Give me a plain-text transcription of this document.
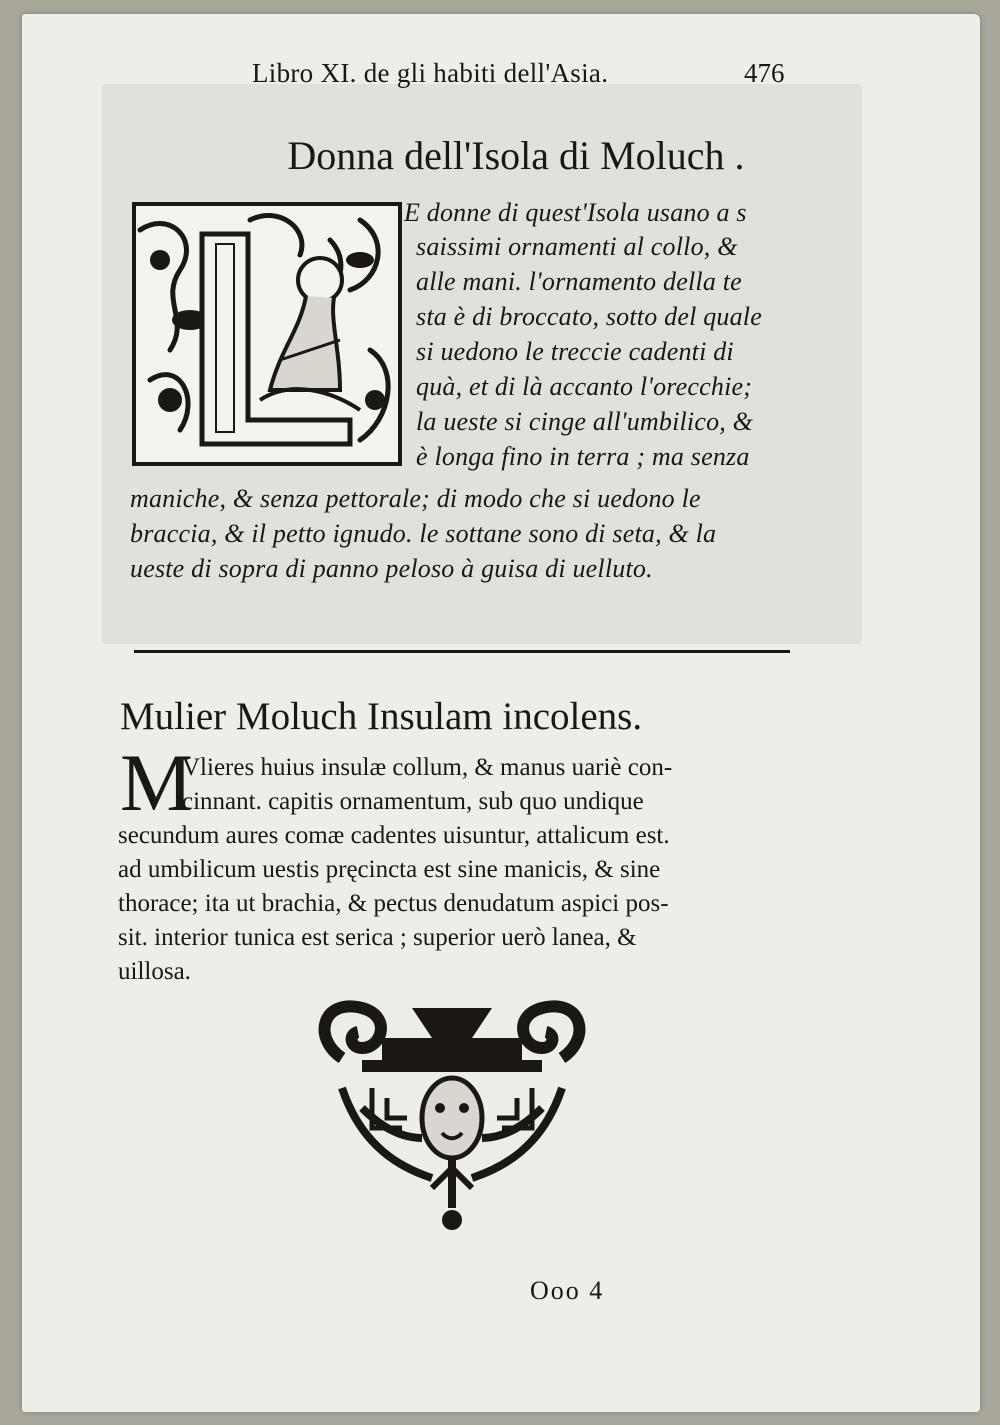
Libro XI. de gli habiti dell'Asia.	476
Donna dell'Isola di Moluch .
E donne di quest'Isola usano a s
saissimi ornamenti al collo, &
alle mani. l'ornamento della te
sta è di broccato, sotto del quale
si uedono le treccie cadenti di
quà, et di là accanto l'orecchie;
la ueste si cinge all'umbilico, &
è longa fino in terra ; ma senza
maniche, & senza pettorale; di modo che si uedono le
braccia, & il petto ignudo. le sottane sono di seta, & la
ueste di sopra di panno peloso à guisa di uelluto.
Mulier Moluch Insulam incolens.
M
Vlieres huius insulæ collum, & manus uariè con-
cinnant. capitis ornamentum, sub quo undique
secundum aures comæ cadentes uisuntur, attalicum est.
ad umbilicum uestis pręcincta est sine manicis, & sine
thorace; ita ut brachia, & pectus denudatum aspici pos-
sit. interior tunica est serica ; superior uerò lanea, &
uillosa.
Ooo 4
